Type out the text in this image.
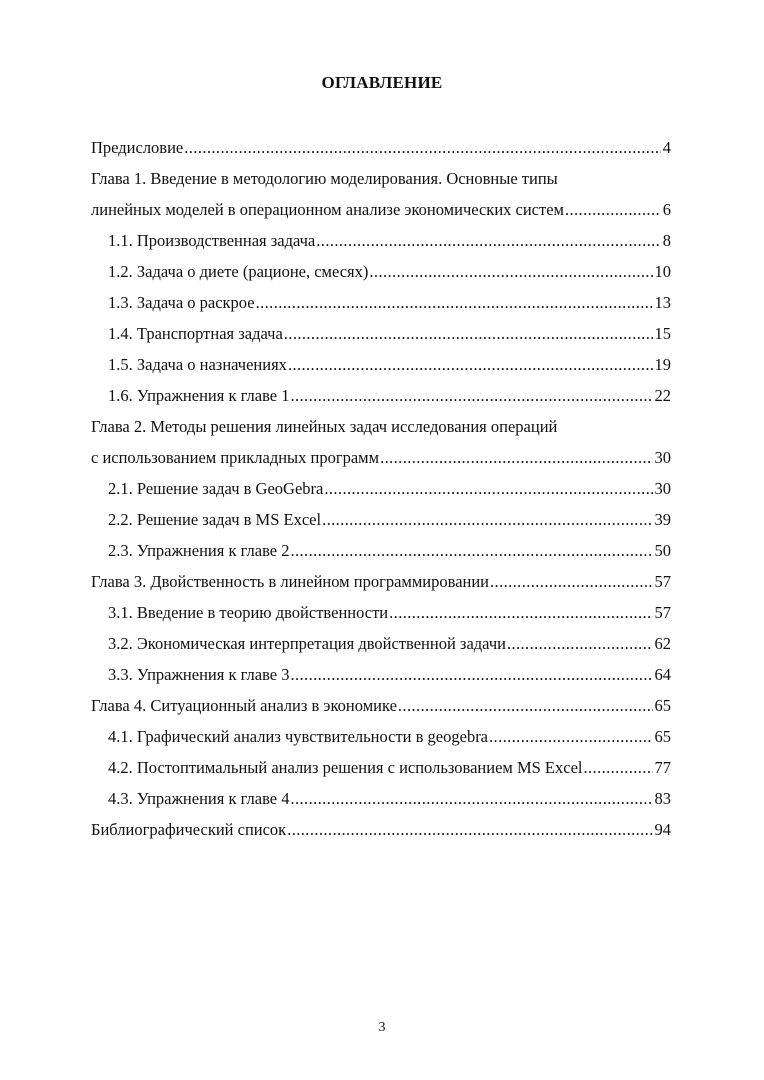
ОГЛАВЛЕНИЕ
Предисловие .....	4
Глава 1. Введение в методологию моделирования. Основные типы
линейных моделей в операционном анализе экономических систем .....	6
1.1. Производственная задача .....	8
1.2. Задача о диете (рационе, смесях) .....	10
1.3. Задача о раскрое .....	13
1.4. Транспортная задача .....	15
1.5. Задача о назначениях .....	19
1.6. Упражнения к главе 1 .....	22
Глава 2. Методы решения линейных задач исследования операций
с использованием прикладных программ .....	30
2.1. Решение задач в GeoGebra .....	30
2.2. Решение задач в MS Excel .....	39
2.3. Упражнения к главе 2 .....	50
Глава 3. Двойственность в линейном программировании .....	57
3.1. Введение в теорию двойственности .....	57
3.2. Экономическая интерпретация двойственной задачи .....	62
3.3. Упражнения к главе 3 .....	64
Глава 4. Ситуационный анализ в экономике .....	65
4.1. Графический анализ чувствительности в geogebra .....	65
4.2. Постоптимальный анализ решения с использованием MS Excel .....	77
4.3. Упражнения к главе 4 .....	83
Библиографический список .....	94
3
